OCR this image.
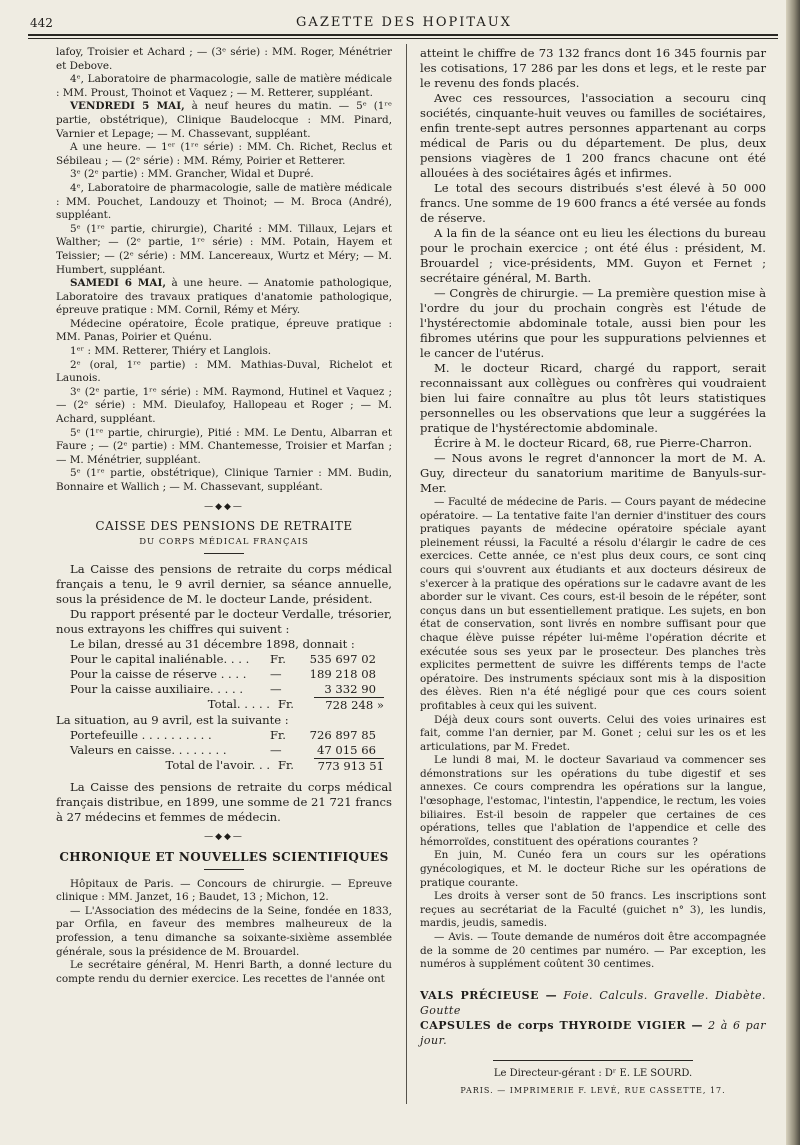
442	GAZETTE DES HOPITAUX

lafoy, Troisier et Achard ; — (3ᵉ série) : MM. Roger, Ménétrier et Debove.

4ᵉ, Laboratoire de pharmacologie, salle de matière médicale : MM. Proust, Thoinot et Vaquez ; — M. Retterer, suppléant.

VENDREDI 5 MAI, à neuf heures du matin. — 5ᵉ (1ʳᵉ partie, obstétrique), Clinique Baudelocque : MM. Pinard, Varnier et Lepage; — M. Chassevant, suppléant.

A une heure. — 1ᵉʳ (1ʳᵉ série) : MM. Ch. Richet, Reclus et Sébileau ; — (2ᵉ série) : MM. Rémy, Poirier et Retterer.

3ᵉ (2ᵉ partie) : MM. Grancher, Widal et Dupré.

4ᵉ, Laboratoire de pharmacologie, salle de matière médicale : MM. Pouchet, Landouzy et Thoinot; — M. Broca (André), suppléant.

5ᵉ (1ʳᵉ partie, chirurgie), Charité : MM. Tillaux, Lejars et Walther; — (2ᵉ partie, 1ʳᵉ série) : MM. Potain, Hayem et Teissier; — (2ᵉ série) : MM. Lancereaux, Wurtz et Méry; — M. Humbert, suppléant.

SAMEDI 6 MAI, à une heure. — Anatomie pathologique, Laboratoire des travaux pratiques d'anatomie pathologique, épreuve pratique : MM. Cornil, Rémy et Méry.

Médecine opératoire, École pratique, épreuve pratique : MM. Panas, Poirier et Quénu.

1ᵉʳ : MM. Retterer, Thiéry et Langlois.

2ᵉ (oral, 1ʳᵉ partie) : MM. Mathias-Duval, Richelot et Launois.

3ᵉ (2ᵉ partie, 1ʳᵉ série) : MM. Raymond, Hutinel et Vaquez ; — (2ᵉ série) : MM. Dieulafoy, Hallopeau et Roger ; — M. Achard, suppléant.

5ᵉ (1ʳᵉ partie, chirurgie), Pitié : MM. Le Dentu, Albarran et Faure ; — (2ᵉ partie) : MM. Chantemesse, Troisier et Marfan ; — M. Ménétrier, suppléant.

5ᵉ (1ʳᵉ partie, obstétrique), Clinique Tarnier : MM. Budin, Bonnaire et Wallich ; — M. Chassevant, suppléant.

—◆◆—
CAISSE DES PENSIONS DE RETRAITE
DU CORPS MÉDICAL FRANÇAIS

La Caisse des pensions de retraite du corps médical français a tenu, le 9 avril dernier, sa séance annuelle, sous la présidence de M. le docteur Lande, président.

Du rapport présenté par le docteur Verdalle, trésorier, nous extrayons les chiffres qui suivent :

Le bilan, dressé au 31 décembre 1898, donnait :

Pour le capital inaliénable. . . .	Fr.	535 697 02
Pour la caisse de réserve . . . .	—	189 218 08
Pour la caisse auxiliaire. . . . .	—	3 332 90
Total. . . . . Fr.	728 248 »

La situation, au 9 avril, est la suivante :

Portefeuille . . . . . . . . . .	Fr.	726 897 85
Valeurs en caisse. . . . . . . .	—	47 015 66
Total de l'avoir. . . Fr.	773 913 51

La Caisse des pensions de retraite du corps médical français distribue, en 1899, une somme de 21 721 francs à 27 médecins et femmes de médecin.

—◆◆—
CHRONIQUE ET NOUVELLES SCIENTIFIQUES

Hôpitaux de Paris. — Concours de chirurgie. — Epreuve clinique : MM. Janzet, 16 ; Baudet, 13 ; Michon, 12.

— L'Association des médecins de la Seine, fondée en 1833, par Orfila, en faveur des membres malheureux de la profession, a tenu dimanche sa soixante-sixième assemblée générale, sous la présidence de M. Brouardel.

Le secrétaire général, M. Henri Barth, a donné lecture du compte rendu du dernier exercice. Les recettes de l'année ont

atteint le chiffre de 73 132 francs dont 16 345 fournis par les cotisations, 17 286 par les dons et legs, et le reste par le revenu des fonds placés.

Avec ces ressources, l'association a secouru cinq sociétés, cinquante-huit veuves ou familles de sociétaires, enfin trente-sept autres personnes appartenant au corps médical de Paris ou du département. De plus, deux pensions viagères de 1 200 francs chacune ont été allouées à des sociétaires âgés et infirmes.

Le total des secours distribués s'est élevé à 50 000 francs. Une somme de 19 600 francs a été versée au fonds de réserve.

A la fin de la séance ont eu lieu les élections du bureau pour le prochain exercice ; ont été élus : président, M. Brouardel ; vice-présidents, MM. Guyon et Fernet ; secrétaire général, M. Barth.

— Congrès de chirurgie. — La première question mise à l'ordre du jour du prochain congrès est l'étude de l'hystérectomie abdominale totale, aussi bien pour les fibromes utérins que pour les suppurations pelviennes et le cancer de l'utérus.

M. le docteur Ricard, chargé du rapport, serait reconnaissant aux collègues ou confrères qui voudraient bien lui faire connaître au plus tôt leurs statistiques personnelles ou les observations que leur a suggérées la pratique de l'hystérectomie abdominale.

Écrire à M. le docteur Ricard, 68, rue Pierre-Charron.

— Nous avons le regret d'annoncer la mort de M. A. Guy, directeur du sanatorium maritime de Banyuls-sur-Mer.

— Faculté de médecine de Paris. — Cours payant de médecine opératoire. — La tentative faite l'an dernier d'instituer des cours pratiques payants de médecine opératoire spéciale ayant pleinement réussi, la Faculté a résolu d'élargir le cadre de ces exercices. Cette année, ce n'est plus deux cours, ce sont cinq cours qui s'ouvrent aux étudiants et aux docteurs désireux de s'exercer à la pratique des opérations sur le cadavre avant de les aborder sur le vivant. Ces cours, est-il besoin de le répéter, sont conçus dans un but essentiellement pratique. Les sujets, en bon état de conservation, sont livrés en nombre suffisant pour que chaque élève puisse répéter lui-même l'opération décrite et exécutée sous ses yeux par le prosecteur. Des planches très explicites permettent de suivre les différents temps de l'acte opératoire. Des instruments spéciaux sont mis à la disposition des élèves. Rien n'a été négligé pour que ces cours soient profitables à ceux qui les suivent.

Déjà deux cours sont ouverts. Celui des voies urinaires est fait, comme l'an dernier, par M. Gonet ; celui sur les os et les articulations, par M. Fredet.

Le lundi 8 mai, M. le docteur Savariaud va commencer ses démonstrations sur les opérations du tube digestif et ses annexes. Ce cours comprendra les opérations sur la langue, l'œsophage, l'estomac, l'intestin, l'appendice, le rectum, les voies biliaires. Est-il besoin de rappeler que certaines de ces opérations, telles que l'ablation de l'appendice et celle des hémorroïdes, constituent des opérations courantes ?

En juin, M. Cunéo fera un cours sur les opérations gynécologiques, et M. le docteur Riche sur les opérations de pratique courante.

Les droits à verser sont de 50 francs. Les inscriptions sont reçues au secrétariat de la Faculté (guichet n° 3), les lundis, mardis, jeudis, samedis.

— Avis. — Toute demande de numéros doit être accompagnée de la somme de 20 centimes par numéro. — Par exception, les numéros à supplément coûtent 30 centimes.

VALS PRÉCIEUSE — Foie. Calculs. Gravelle. Diabète. Goutte

CAPSULES de corps THYROIDE VIGIER — 2 à 6 par jour.

Le Directeur-gérant : Dʳ E. LE SOURD.
PARIS. — IMPRIMERIE F. LEVÉ, RUE CASSETTE, 17.
